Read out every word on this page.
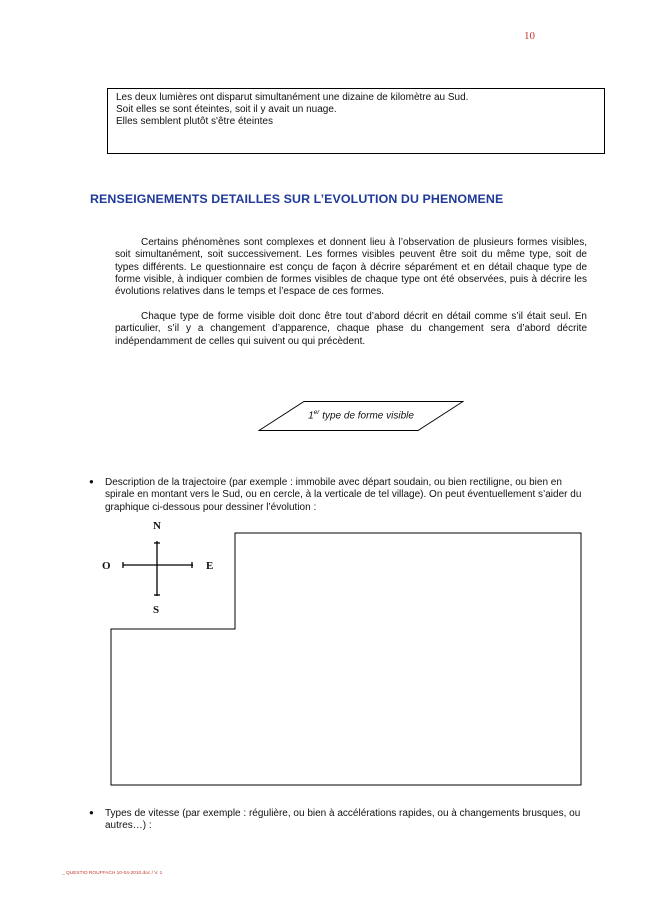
10
Les deux lumières ont disparut simultanément une dizaine de kilomètre au Sud.
Soit elles se sont éteintes, soit il y avait un nuage.
Elles semblent plutôt s'être éteintes
RENSEIGNEMENTS DETAILLES SUR L’EVOLUTION DU PHENOMENE
Certains phénomènes sont complexes et donnent lieu à l’observation de plusieurs formes visibles, soit simultanément, soit successivement. Les formes visibles peuvent être soit du même type, soit de types différents. Le questionnaire est conçu de façon à décrire séparément et en détail chaque type de forme visible, à indiquer combien de formes visibles de chaque type ont été observées, puis à décrire les évolutions relatives dans le temps et l’espace de ces formes.
Chaque type de forme visible doit donc être tout d’abord décrit en détail comme s’il était seul. En particulier, s’il y a changement d’apparence, chaque phase du changement sera d’abord décrite indépendamment de celles qui suivent ou qui précèdent.
1er type de forme visible
● Description de la trajectoire (par exemple : immobile avec départ soudain, ou bien rectiligne, ou bien en spirale en montant vers le Sud, ou en cercle, à la verticale de tel village). On peut éventuellement s’aider du graphique ci-dessous pour dessiner l’évolution :
N
S
O	E
● Types de vitesse (par exemple : régulière, ou bien à accélérations rapides, ou à changements brusques, ou autres…) :
_ QUESTIO ROUFFACH 10-04-2010.doc / V. 1
